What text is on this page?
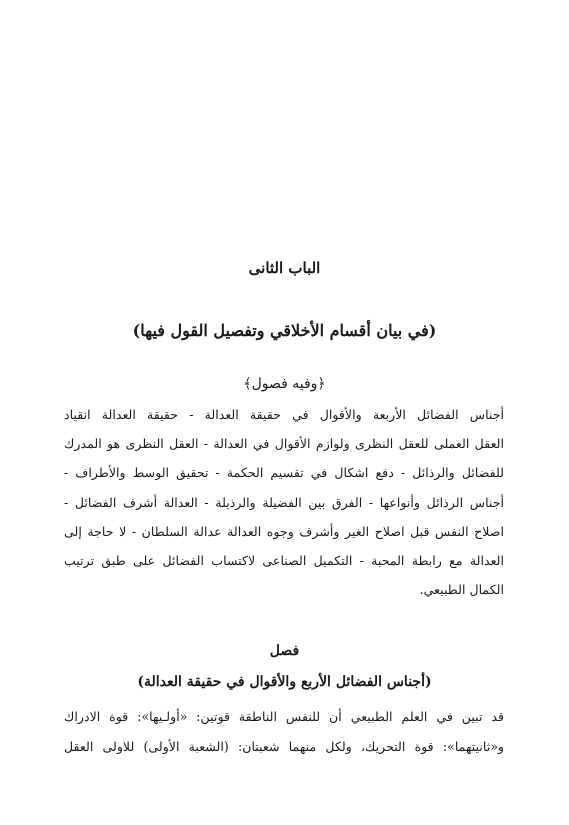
الباب الثانى
(في بيان أقسام الأخلاقي وتفصيل القول فيها)
﴿وفيه فصول﴾
أجناس الفضائل الأربعة والأقوال في حقيقة العدالة - حقيقة العدالة انقياد
العقل العملى للعقل النظرى ولوازم الأقوال في العدالة - العقل النظرى هو المدرك
للفضائل والرذائل - دفع اشكال في تقسيم الحكمة - تحقيق الوسط والأطراف -
أجناس الرذائل وأنواعها - الفرق بين الفضيلة والرذيلة - العدالة أشرف الفضائل -
اصلاح النفس قبل اصلاح الغير وأشرف وجوه العدالة عدالة السلطان - لا حاجة إلى
العدالة مع رابطة المحبة - التكميل الصناعى لاكتساب الفضائل على طبق ترتيب
الكمال الطبيعي.
فصل
(أجناس الفضائل الأربع والأقوال في حقيقة العدالة)
قد تبين في العلم الطبيعي أن للنفس الناطقة قوتين: «أولـيها»: قوة الادراك
و«ثانيتهما»: قوة التحريك، ولكل منهما شعبتان: (الشعبة الأولى) للاولى العقل
